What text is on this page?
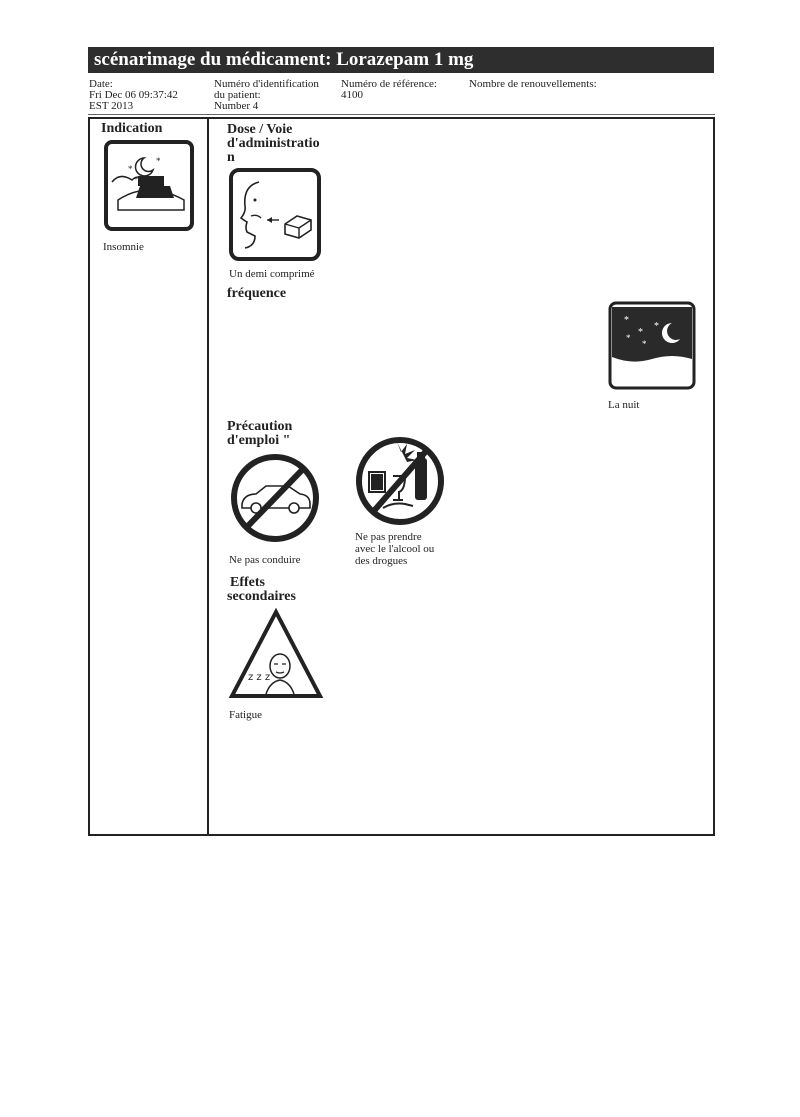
scénarimage du médicament: Lorazepam 1 mg
Date:
Fri Dec 06 09:37:42
EST 2013
Numéro d'identification
du patient:
Number 4
Numéro de référence:
4100
Nombre de renouvellements:
Indication
*
*
*
Insomnie
Dose / Voie
d'administratio
n
Un demi comprimé
fréquence
*
*
*
*
*
La nuit
Précaution
d'emploi "
Ne pas conduire
Ne pas prendre
avec le l'alcool ou
des drogues
Effets
secondaires
z z z
Fatigue
